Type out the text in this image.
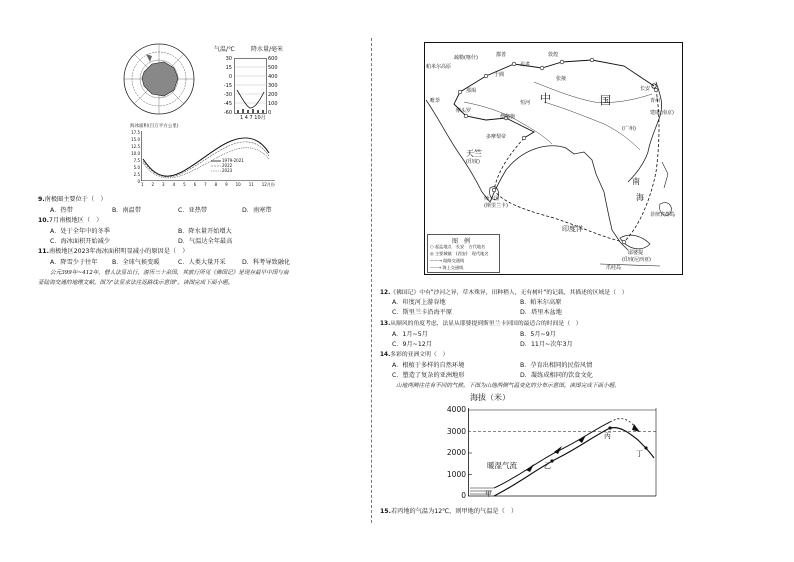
气温/℃	降水量/毫米
30
15
0
-15
-30
-45
-60
600
500
400
300
200
100
0
1 4 7 10月
海冰面积(百万平方公里)
17.5
15.0
12.5
10.0
7.5
5.0
2.5
0
1979-2021
2022
2023
1 2 3 4 5 6 7 8 9 10 11 12月份
9.南极圈主要位于（　）
A．热带	B．南温带	C．亚热带	D．南寒带
10.7月南极地区（　）
A．处于全年中的冬季	B．降水量开始增大
C．海冰面积开始减少	D．气温达全年最高
11.南极地区2023年海冰面积明显减小的原因是（　）
A．降雪少于往年 B．全球气候变暖	C．人类大量开采	D．科考导致融化
公元399年~412年，僧人法显出行，游历三十余国，其旅行所见《佛国记》是现存最早中国与南
亚陆海交通的地理文献。图为"法显求法往返路线示意图"。读图完成下面小题。
疏勒(喀什)	鄯善
帕米尔高原
于阗
敦煌
张掖
焉耆
长安
中	国	青州
建康(南京)
(广州)
毗荼
摩头罗
僧伽施
多摩梨帝
那竭
恒河
天竺
(印度)
师子国
(斯里兰卡)
南
海
印度洋
菲律宾群岛
耶婆提
(印度尼西亚)
爪哇岛
图　例
○ 起迄地点　长安　古代地名
◎ 主要城镇　(西安)　现代地名
——→ 陆路交通线
-----→ 海上交通线
12.《佛国记》中有"沙河之异，草木殊异，田种稍人，无有树叶"的记载，其描述的区域是（　）
A．印度河上游谷地	B．帕米尔高原
C．斯里兰卡沿海平原	D．塔里木盆地
13.从顺风的角度考虑，法显从耶婆提到斯里兰卡回国的最适合的时间是（　）
A．1月~5月	B．5月~9月
C．9月~12月	D．11月~次年3月
14.多彩的亚洲文明（　）
A．根植于多样的自然环境	B．孕育出相同的民俗风情
C．塑造了复杂的亚洲地形	D．凝练成相同的饮食文化
山地两侧往往有不同的气候。下图为山地两侧气温变化的分布示意图。读图完成下面小题。
海拔（米）
4000
3000
2000
1000
0
暖湿气流
甲
乙
丙
丁
15.若丙地的气温为12℃，则甲地的气温是（　）
